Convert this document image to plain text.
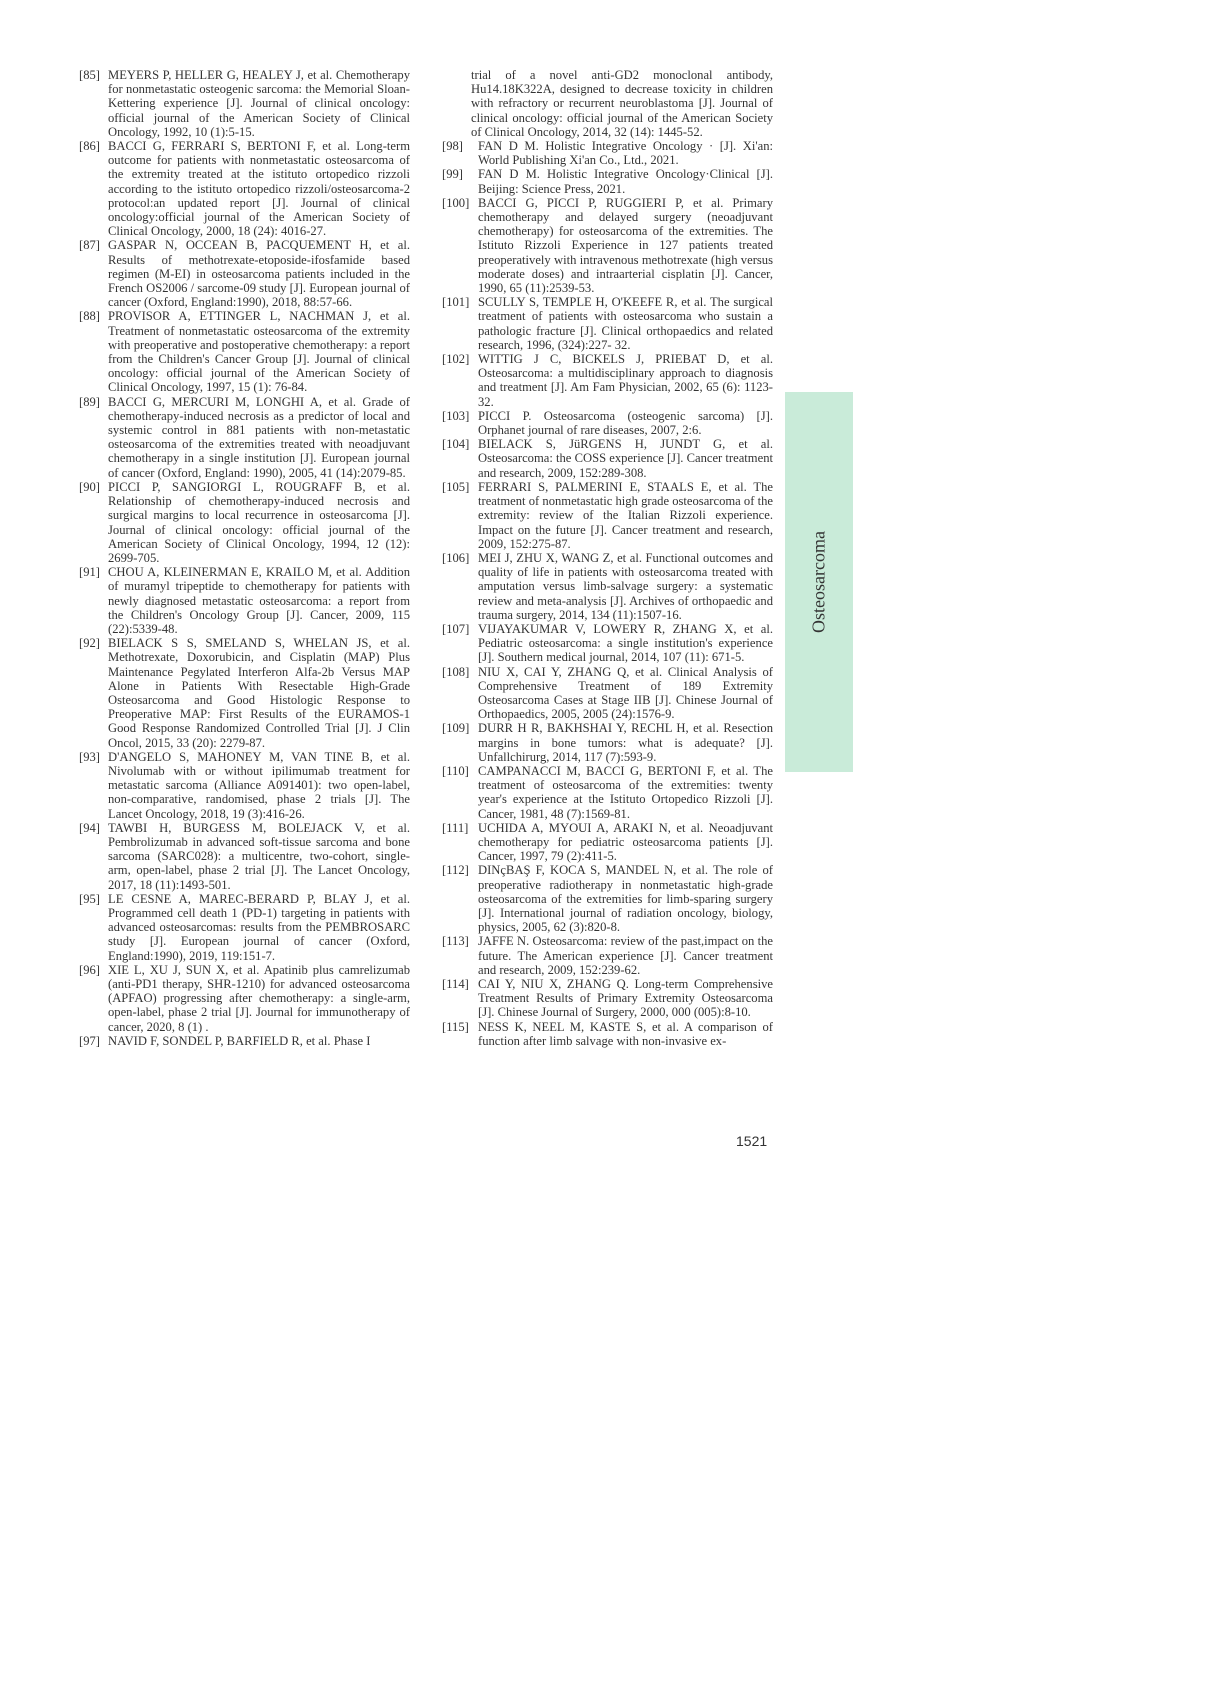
[85] MEYERS P, HELLER G, HEALEY J, et al. Chemotherapy for nonmetastatic osteogenic sarcoma: the Memorial Sloan-Kettering experience [J]. Journal of clinical oncology: official journal of the American Society of Clinical Oncology, 1992, 10 (1):5-15.

[86] BACCI G, FERRARI S, BERTONI F, et al. Long-term outcome for patients with nonmetastatic osteosarcoma of the extremity treated at the istituto ortopedico rizzoli according to the istituto ortopedico rizzoli/osteosarcoma-2 protocol:an updated report [J]. Journal of clinical oncology:official journal of the American Society of Clinical Oncology, 2000, 18 (24): 4016-27.

[87] GASPAR N, OCCEAN B, PACQUEMENT H, et al. Results of methotrexate-etoposide-ifosfamide based regimen (M-EI) in osteosarcoma patients included in the French OS2006 / sarcome-09 study [J]. European journal of cancer (Oxford, England:1990), 2018, 88:57-66.

[88] PROVISOR A, ETTINGER L, NACHMAN J, et al. Treatment of nonmetastatic osteosarcoma of the extremity with preoperative and postoperative chemotherapy: a report from the Children's Cancer Group [J]. Journal of clinical oncology: official journal of the American Society of Clinical Oncology, 1997, 15 (1): 76-84.

[89] BACCI G, MERCURI M, LONGHI A, et al. Grade of chemotherapy-induced necrosis as a predictor of local and systemic control in 881 patients with non-metastatic osteosarcoma of the extremities treated with neoadjuvant chemotherapy in a single institution [J]. European journal of cancer (Oxford, England: 1990), 2005, 41 (14):2079-85.

[90] PICCI P, SANGIORGI L, ROUGRAFF B, et al. Relationship of chemotherapy-induced necrosis and surgical margins to local recurrence in osteosarcoma [J]. Journal of clinical oncology: official journal of the American Society of Clinical Oncology, 1994, 12 (12): 2699-705.

[91] CHOU A, KLEINERMAN E, KRAILO M, et al. Addition of muramyl tripeptide to chemotherapy for patients with newly diagnosed metastatic osteosarcoma: a report from the Children's Oncology Group [J]. Cancer, 2009, 115 (22):5339-48.

[92] BIELACK S S, SMELAND S, WHELAN JS, et al. Methotrexate, Doxorubicin, and Cisplatin (MAP) Plus Maintenance Pegylated Interferon Alfa-2b Versus MAP Alone in Patients With Resectable High-Grade Osteosarcoma and Good Histologic Response to Preoperative MAP: First Results of the EURAMOS-1 Good Response Randomized Controlled Trial [J]. J Clin Oncol, 2015, 33 (20): 2279-87.

[93] D'ANGELO S, MAHONEY M, VAN TINE B, et al. Nivolumab with or without ipilimumab treatment for metastatic sarcoma (Alliance A091401): two open-label, non-comparative, randomised, phase 2 trials [J]. The Lancet Oncology, 2018, 19 (3):416-26.

[94] TAWBI H, BURGESS M, BOLEJACK V, et al. Pembrolizumab in advanced soft-tissue sarcoma and bone sarcoma (SARC028): a multicentre, two-cohort, single-arm, open-label, phase 2 trial [J]. The Lancet Oncology, 2017, 18 (11):1493-501.

[95] LE CESNE A, MAREC-BERARD P, BLAY J, et al. Programmed cell death 1 (PD-1) targeting in patients with advanced osteosarcomas: results from the PEMBROSARC study [J]. European journal of cancer (Oxford, England:1990), 2019, 119:151-7.

[96] XIE L, XU J, SUN X, et al. Apatinib plus camrelizumab (anti-PD1 therapy, SHR-1210) for advanced osteosarcoma (APFAO) progressing after chemotherapy: a single-arm, open-label, phase 2 trial [J]. Journal for immunotherapy of cancer, 2020, 8 (1) .

[97] NAVID F, SONDEL P, BARFIELD R, et al. Phase I

trial of a novel anti-GD2 monoclonal antibody, Hu14.18K322A, designed to decrease toxicity in children with refractory or recurrent neuroblastoma [J]. Journal of clinical oncology: official journal of the American Society of Clinical Oncology, 2014, 32 (14): 1445-52.

[98] FAN D M. Holistic Integrative Oncology · [J]. Xi'an: World Publishing Xi'an Co., Ltd., 2021.

[99] FAN D M. Holistic Integrative Oncology·Clinical [J]. Beijing: Science Press, 2021.

[100] BACCI G, PICCI P, RUGGIERI P, et al. Primary chemotherapy and delayed surgery (neoadjuvant chemotherapy) for osteosarcoma of the extremities. The Istituto Rizzoli Experience in 127 patients treated preoperatively with intravenous methotrexate (high versus moderate doses) and intraarterial cisplatin [J]. Cancer, 1990, 65 (11):2539-53.

[101] SCULLY S, TEMPLE H, O'KEEFE R, et al. The surgical treatment of patients with osteosarcoma who sustain a pathologic fracture [J]. Clinical orthopaedics and related research, 1996, (324):227- 32.

[102] WITTIG J C, BICKELS J, PRIEBAT D, et al. Osteosarcoma: a multidisciplinary approach to diagnosis and treatment [J]. Am Fam Physician, 2002, 65 (6): 1123-32.

[103] PICCI P. Osteosarcoma (osteogenic sarcoma) [J]. Orphanet journal of rare diseases, 2007, 2:6.

[104] BIELACK S, JüRGENS H, JUNDT G, et al. Osteosarcoma: the COSS experience [J]. Cancer treatment and research, 2009, 152:289-308.

[105] FERRARI S, PALMERINI E, STAALS E, et al. The treatment of nonmetastatic high grade osteosarcoma of the extremity: review of the Italian Rizzoli experience. Impact on the future [J]. Cancer treatment and research, 2009, 152:275-87.

[106] MEI J, ZHU X, WANG Z, et al. Functional outcomes and quality of life in patients with osteosarcoma treated with amputation versus limb-salvage surgery: a systematic review and meta-analysis [J]. Archives of orthopaedic and trauma surgery, 2014, 134 (11):1507-16.

[107] VIJAYAKUMAR V, LOWERY R, ZHANG X, et al. Pediatric osteosarcoma: a single institution's experience [J]. Southern medical journal, 2014, 107 (11): 671-5.

[108] NIU X, CAI Y, ZHANG Q, et al. Clinical Analysis of Comprehensive Treatment of 189 Extremity Osteosarcoma Cases at Stage IIB [J]. Chinese Journal of Orthopaedics, 2005, 2005 (24):1576-9.

[109] DURR H R, BAKHSHAI Y, RECHL H, et al. Resection margins in bone tumors: what is adequate? [J]. Unfallchirurg, 2014, 117 (7):593-9.

[110] CAMPANACCI M, BACCI G, BERTONI F, et al. The treatment of osteosarcoma of the extremities: twenty year's experience at the Istituto Ortopedico Rizzoli [J]. Cancer, 1981, 48 (7):1569-81.

[111] UCHIDA A, MYOUI A, ARAKI N, et al. Neoadjuvant chemotherapy for pediatric osteosarcoma patients [J]. Cancer, 1997, 79 (2):411-5.

[112] DINçBAŞ F, KOCA S, MANDEL N, et al. The role of preoperative radiotherapy in nonmetastatic high-grade osteosarcoma of the extremities for limb-sparing surgery [J]. International journal of radiation oncology, biology, physics, 2005, 62 (3):820-8.

[113] JAFFE N. Osteosarcoma: review of the past,impact on the future. The American experience [J]. Cancer treatment and research, 2009, 152:239-62.

[114] CAI Y, NIU X, ZHANG Q. Long-term Comprehensive Treatment Results of Primary Extremity Osteosarcoma [J]. Chinese Journal of Surgery, 2000, 000 (005):8-10.

[115] NESS K, NEEL M, KASTE S, et al. A comparison of function after limb salvage with non-invasive ex-

Osteosarcoma
1521
